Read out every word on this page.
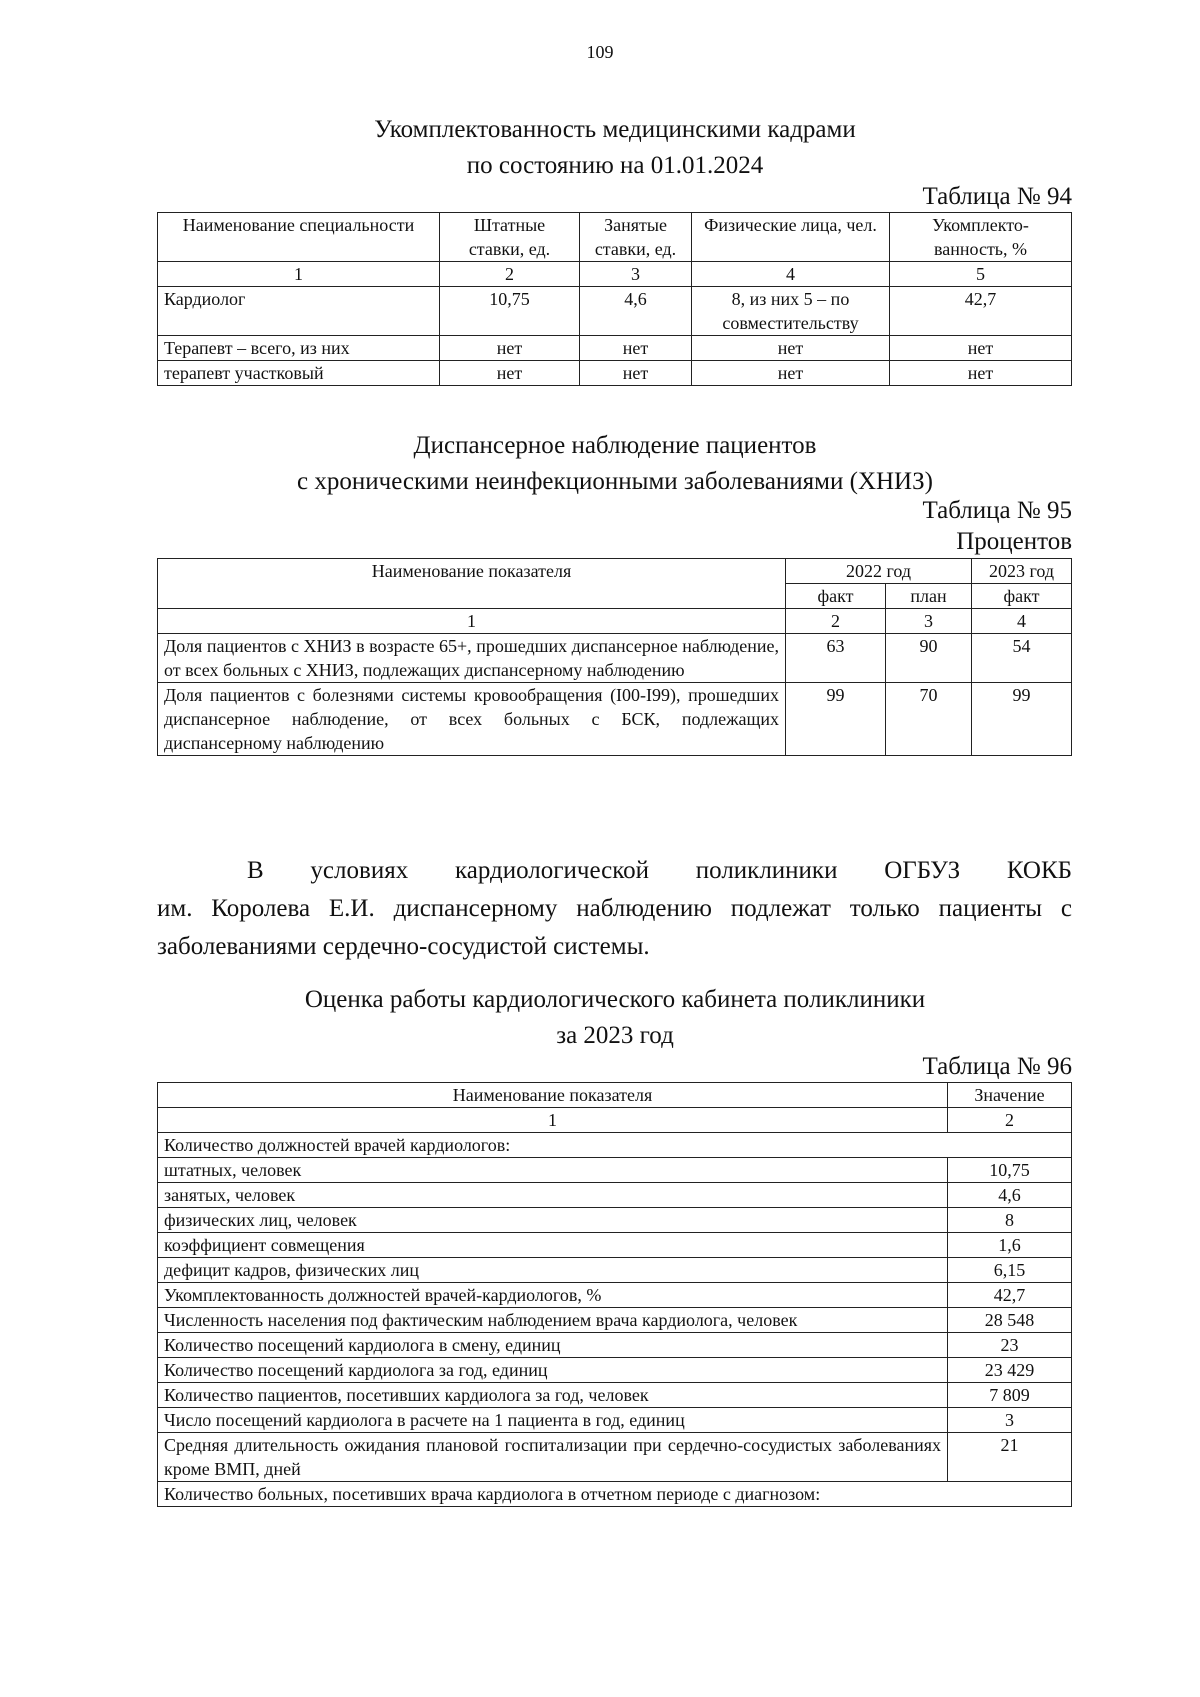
109
Укомплектованность медицинскими кадрами
по состоянию на 01.01.2024
Таблица № 94
Наименование специальности	Штатные ставки, ед.	Занятые ставки, ед.	Физические лица, чел.	Укомплекто-ванность, %
1	2	3	4	5
Кардиолог	10,75	4,6	8, из них 5 – по совместительству	42,7
Терапевт – всего, из них	нет	нет	нет	нет
терапевт участковый	нет	нет	нет	нет
Диспансерное наблюдение пациентов
с хроническими неинфекционными заболеваниями (ХНИЗ)
Таблица № 95
Процентов
Наименование показателя	2022 год		2023 год
	факт	план	факт
1	2	3	4
Доля пациентов с ХНИЗ в возрасте 65+, прошедших диспансерное наблюдение, от всех больных с ХНИЗ, подлежащих диспансерному наблюдению	63	90	54
Доля пациентов с болезнями системы кровообращения (I00-I99), прошедших диспансерное наблюдение, от всех больных с БСК, подлежащих диспансерному наблюдению	99	70	99
В условиях кардиологической поликлиники ОГБУЗ КОКБ
им. Королева Е.И. диспансерному наблюдению подлежат только пациенты с заболеваниями сердечно-сосудистой системы.
Оценка работы кардиологического кабинета поликлиники
за 2023 год
Таблица № 96
Наименование показателя	Значение
1	2
Количество должностей врачей кардиологов:	
штатных, человек	10,75
занятых, человек	4,6
физических лиц, человек	8
коэффициент совмещения	1,6
дефицит кадров, физических лиц	6,15
Укомплектованность должностей врачей-кардиологов, %	42,7
Численность населения под фактическим наблюдением врача кардиолога, человек	28 548
Количество посещений кардиолога в смену, единиц	23
Количество посещений кардиолога за год, единиц	23 429
Количество пациентов, посетивших кардиолога за год, человек	7 809
Число посещений кардиолога в расчете на 1 пациента в год, единиц	3
Средняя длительность ожидания плановой госпитализации при сердечно-сосудистых заболеваниях кроме ВМП, дней	21
Количество больных, посетивших врача кардиолога в отчетном периоде с диагнозом:	
